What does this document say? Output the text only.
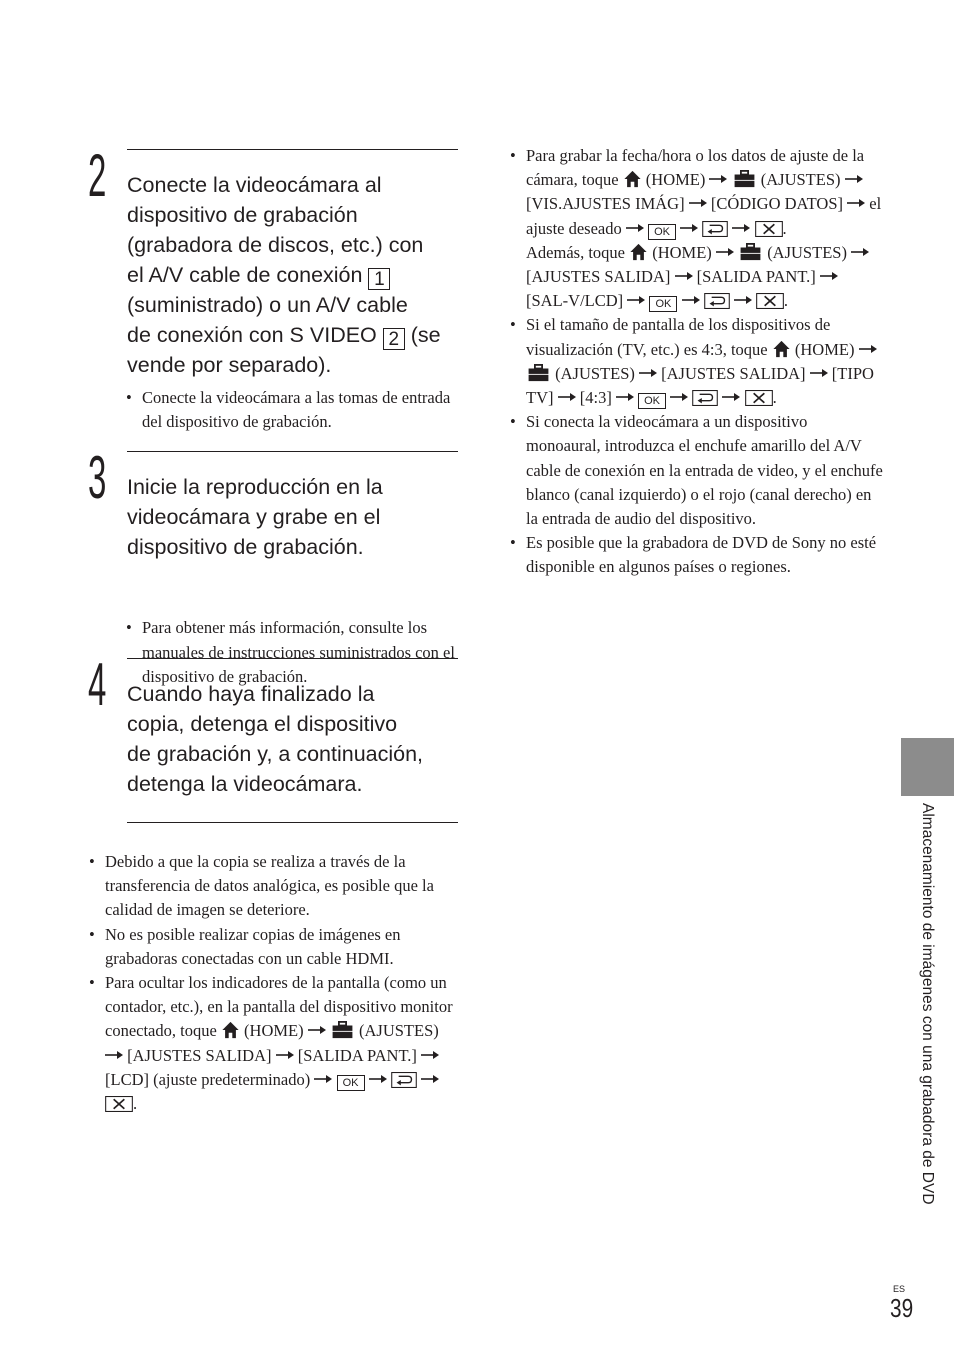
2 Conecte la videocámara al
dispositivo de grabación
(grabadora de discos, etc.) con
el A/V cable de conexión 1
(suministrado) o un A/V cable
de conexión con S VIDEO 2 (se
vende por separado).
• Conecte la videocámara a las tomas de entrada del dispositivo de grabación.
3 Inicie la reproducción en la
videocámara y grabe en el
dispositivo de grabación.
• Para obtener más información, consulte los manuales de instrucciones suministrados con el dispositivo de grabación.
4 Cuando haya finalizado la
copia, detenga el dispositivo
de grabación y, a continuación,
detenga la videocámara.
• Debido a que la copia se realiza a través de la transferencia de datos analógica, es posible que la calidad de imagen se deteriore.
• No es posible realizar copias de imágenes en grabadoras conectadas con un cable HDMI.
• Para ocultar los indicadores de la pantalla (como un contador, etc.), en la pantalla del dispositivo monitor conectado, toque (HOME)	(AJUSTES)  [AJUSTES SALIDA] [SALIDA PANT.]  [LCD] (ajuste predeterminado)	OK    .
• Para grabar la fecha/hora o los datos de ajuste de la cámara, toque (HOME)	(AJUSTES)  [VIS.AJUSTES IMÁG] [CÓDIGO DATOS] el ajuste deseado	OK	.
Además, toque (HOME)	(AJUSTES)  [AJUSTES SALIDA] [SALIDA PANT.]  [SAL-V/LCD]	OK	.
• Si el tamaño de pantalla de los dispositivos de visualización (TV, etc.) es 4:3, toque (HOME)   (AJUSTES) [AJUSTES SALIDA] [TIPO TV] [4:3]	OK	.
• Si conecta la videocámara a un dispositivo monoaural, introduzca el enchufe amarillo del A/V cable de conexión en la entrada de video, y el enchufe blanco (canal izquierdo) o el rojo (canal derecho) en la entrada de audio del dispositivo.
• Es posible que la grabadora de DVD de Sony no esté disponible en algunos países o regiones.
Almacenamiento de imágenes con una grabadora de DVD
ES
39
